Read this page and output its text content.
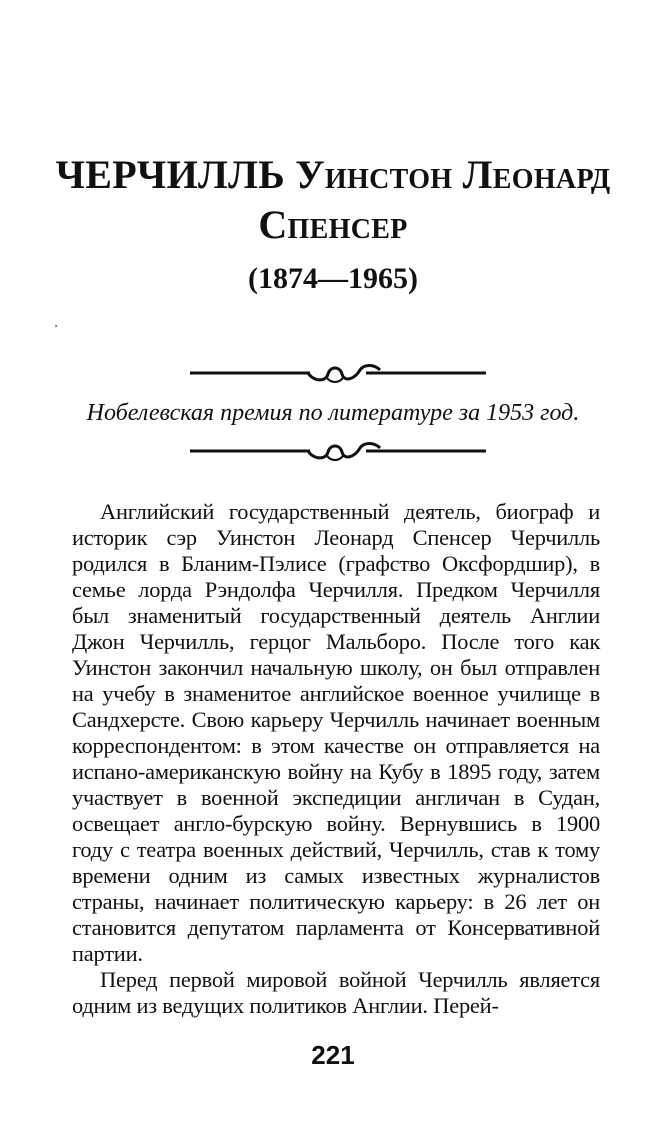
ЧЕРЧИЛЛЬ Уинстон Леонард
Спенсер
(1874—1965)
Нобелевская премия по литературе за 1953 год.

Английский государственный деятель, биограф и историк сэр Уинстон Леонард Спенсер Черчилль родился в Бланим-Пэлисе (графство Оксфордшир), в семье лорда Рэндолфа Черчилля. Предком Черчилля был знаменитый государственный деятель Англии Джон Черчилль, герцог Мальборо. После того как Уинстон закончил начальную школу, он был отправлен на учебу в знаменитое английское военное училище в Сандхерсте. Свою карьеру Черчилль начинает военным корреспондентом: в этом качестве он отправляется на испано-американскую войну на Кубу в 1895 году, затем участвует в военной экспедиции англичан в Судан, освещает англо-бурскую войну. Вернувшись в 1900 году с театра военных действий, Черчилль, став к тому времени одним из самых известных журналистов страны, начинает политическую карьеру: в 26 лет он становится депутатом парламента от Консервативной партии.

Перед первой мировой войной Черчилль является одним из ведущих политиков Англии. Перей-

221
